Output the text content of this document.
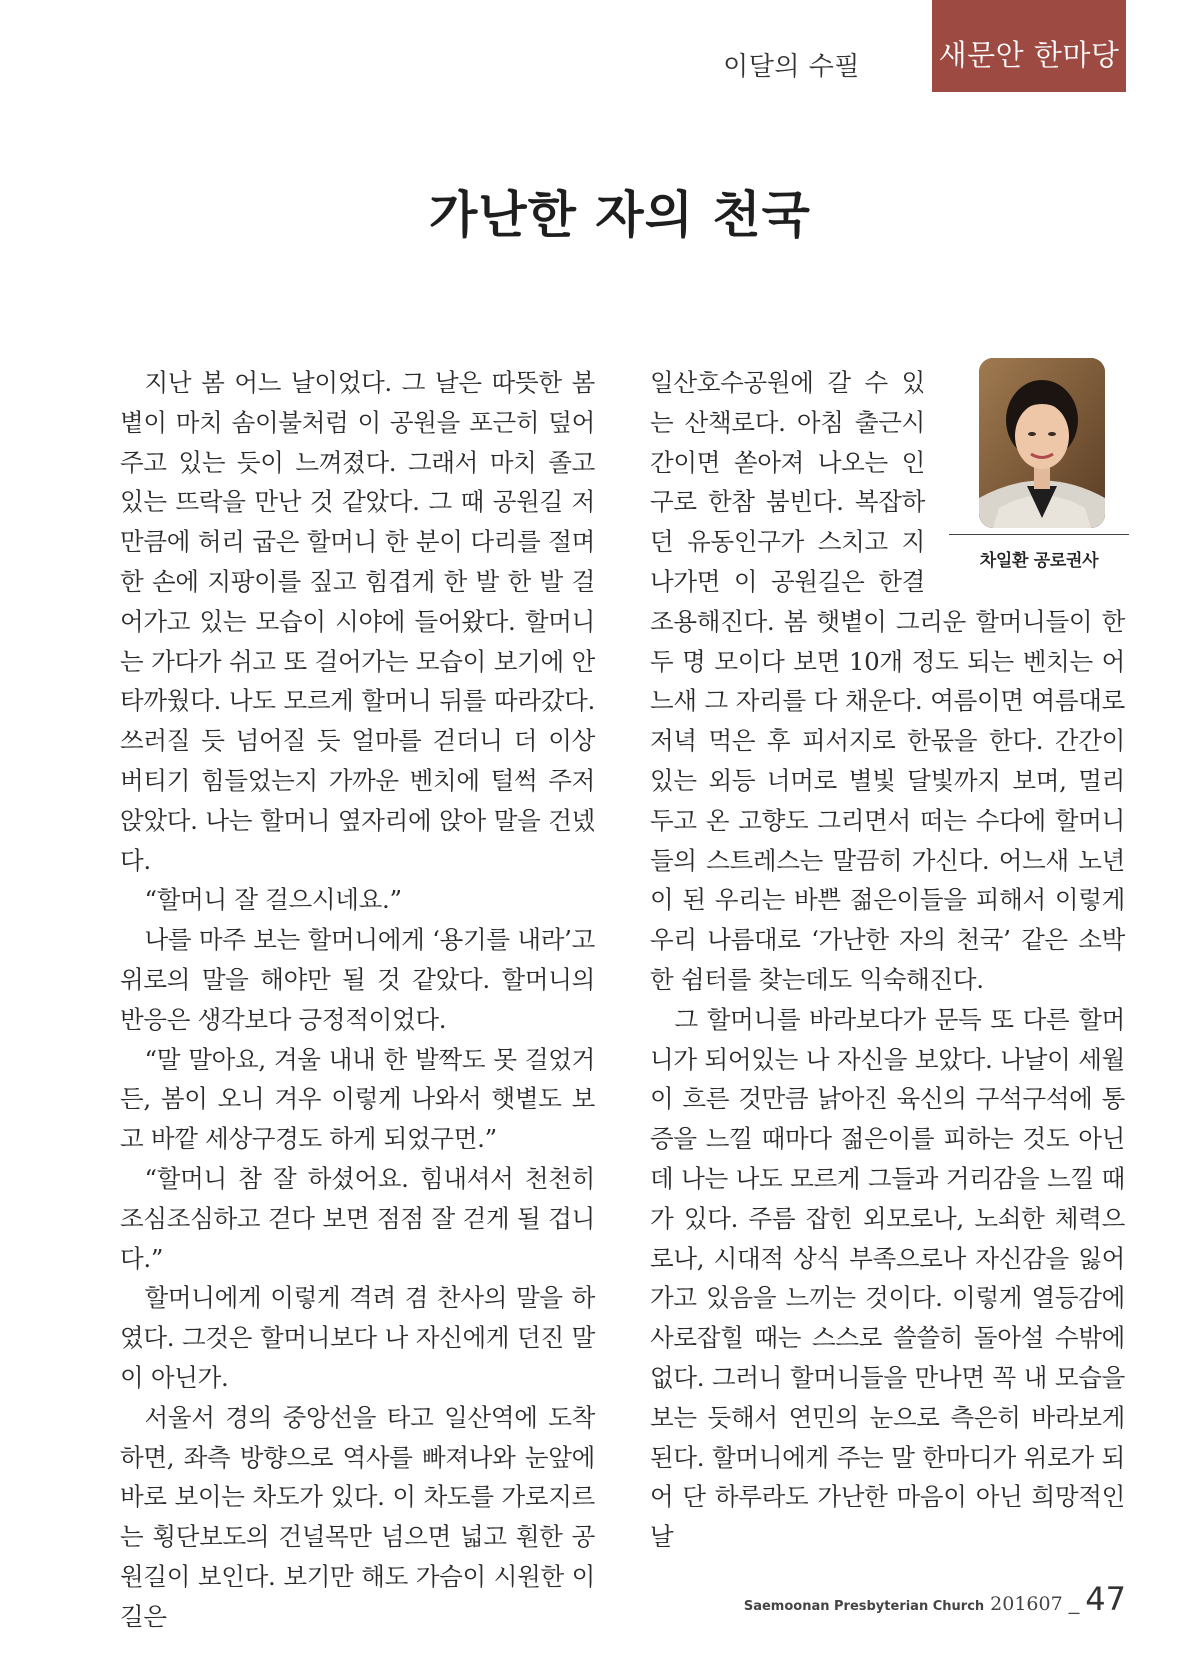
이달의 수필	새문안 한마당
가난한 자의 천국

지난 봄 어느 날이었다. 그 날은 따뜻한 봄볕이 마치 솜이불처럼 이 공원을 포근히 덮어주고 있는 듯이 느껴졌다. 그래서 마치 졸고 있는 뜨락을 만난 것 같았다. 그 때 공원길 저 만큼에 허리 굽은 할머니 한 분이 다리를 절며 한 손에 지팡이를 짚고 힘겹게 한 발 한 발 걸어가고 있는 모습이 시야에 들어왔다. 할머니는 가다가 쉬고 또 걸어가는 모습이 보기에 안타까웠다. 나도 모르게 할머니 뒤를 따라갔다. 쓰러질 듯 넘어질 듯 얼마를 걷더니 더 이상 버티기 힘들었는지 가까운 벤치에 털썩 주저앉았다. 나는 할머니 옆자리에 앉아 말을 건넸다.

“할머니 잘 걸으시네요.”

나를 마주 보는 할머니에게 ‘용기를 내라’고 위로의 말을 해야만 될 것 같았다. 할머니의 반응은 생각보다 긍정적이었다.

“말 말아요, 겨울 내내 한 발짝도 못 걸었거든, 봄이 오니 겨우 이렇게 나와서 햇볕도 보고 바깥 세상구경도 하게 되었구먼.”

“할머니 참 잘 하셨어요. 힘내셔서 천천히 조심조심하고 걷다 보면 점점 잘 걷게 될 겁니다.”

할머니에게 이렇게 격려 겸 찬사의 말을 하였다. 그것은 할머니보다 나 자신에게 던진 말이 아닌가.

서울서 경의 중앙선을 타고 일산역에 도착하면, 좌측 방향으로 역사를 빠져나와 눈앞에 바로 보이는 차도가 있다. 이 차도를 가로지르는 횡단보도의 건널목만 넘으면 넓고 훤한 공원길이 보인다. 보기만 해도 가슴이 시원한 이 길은

차일환 공로권사

일산호수공원에 갈 수 있는 산책로다. 아침 출근시간이면 쏟아져 나오는 인구로 한참 붐빈다. 복잡하던 유동인구가 스치고 지나가면 이 공원길은 한결 조용해진다. 봄 햇볕이 그리운 할머니들이 한두 명 모이다 보면 10개 정도 되는 벤치는 어느새 그 자리를 다 채운다. 여름이면 여름대로 저녁 먹은 후 피서지로 한몫을 한다. 간간이 있는 외등 너머로 별빛 달빛까지 보며, 멀리 두고 온 고향도 그리면서 떠는 수다에 할머니들의 스트레스는 말끔히 가신다. 어느새 노년이 된 우리는 바쁜 젊은이들을 피해서 이렇게 우리 나름대로 ‘가난한 자의 천국’ 같은 소박한 쉼터를 찾는데도 익숙해진다.

그 할머니를 바라보다가 문득 또 다른 할머니가 되어있는 나 자신을 보았다. 나날이 세월이 흐른 것만큼 낡아진 육신의 구석구석에 통증을 느낄 때마다 젊은이를 피하는 것도 아닌데 나는 나도 모르게 그들과 거리감을 느낄 때가 있다. 주름 잡힌 외모로나, 노쇠한 체력으로나, 시대적 상식 부족으로나 자신감을 잃어가고 있음을 느끼는 것이다. 이렇게 열등감에 사로잡힐 때는 스스로 쓸쓸히 돌아설 수밖에 없다. 그러니 할머니들을 만나면 꼭 내 모습을 보는 듯해서 연민의 눈으로 측은히 바라보게 된다. 할머니에게 주는 말 한마디가 위로가 되어 단 하루라도 가난한 마음이 아닌 희망적인 날

Saemoonan Presbyterian Church 201607 _ 47
